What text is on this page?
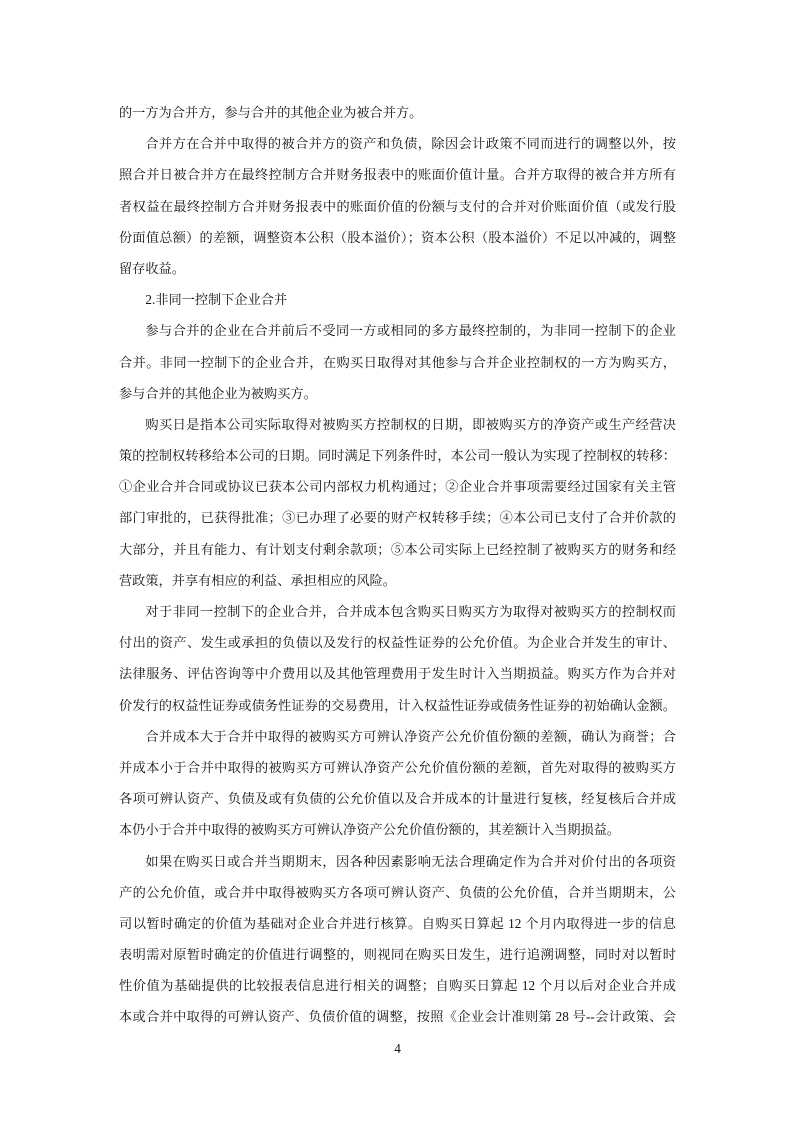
的一方为合并方，参与合并的其他企业为被合并方。
合并方在合并中取得的被合并方的资产和负债，除因会计政策不同而进行的调整以外，按
照合并日被合并方在最终控制方合并财务报表中的账面价值计量。合并方取得的被合并方所有
者权益在最终控制方合并财务报表中的账面价值的份额与支付的合并对价账面价值（或发行股
份面值总额）的差额，调整资本公积（股本溢价）；资本公积（股本溢价）不足以冲减的，调整
留存收益。
2.非同一控制下企业合并
参与合并的企业在合并前后不受同一方或相同的多方最终控制的，为非同一控制下的企业
合并。非同一控制下的企业合并，在购买日取得对其他参与合并企业控制权的一方为购买方，
参与合并的其他企业为被购买方。
购买日是指本公司实际取得对被购买方控制权的日期，即被购买方的净资产或生产经营决
策的控制权转移给本公司的日期。同时满足下列条件时，本公司一般认为实现了控制权的转移：
①企业合并合同或协议已获本公司内部权力机构通过；②企业合并事项需要经过国家有关主管
部门审批的，已获得批准；③已办理了必要的财产权转移手续；④本公司已支付了合并价款的
大部分，并且有能力、有计划支付剩余款项；⑤本公司实际上已经控制了被购买方的财务和经
营政策，并享有相应的利益、承担相应的风险。
对于非同一控制下的企业合并，合并成本包含购买日购买方为取得对被购买方的控制权而
付出的资产、发生或承担的负债以及发行的权益性证券的公允价值。为企业合并发生的审计、
法律服务、评估咨询等中介费用以及其他管理费用于发生时计入当期损益。购买方作为合并对
价发行的权益性证券或债务性证券的交易费用，计入权益性证券或债务性证券的初始确认金额。
合并成本大于合并中取得的被购买方可辨认净资产公允价值份额的差额，确认为商誉；合
并成本小于合并中取得的被购买方可辨认净资产公允价值份额的差额，首先对取得的被购买方
各项可辨认资产、负债及或有负债的公允价值以及合并成本的计量进行复核，经复核后合并成
本仍小于合并中取得的被购买方可辨认净资产公允价值份额的，其差额计入当期损益。
如果在购买日或合并当期期末，因各种因素影响无法合理确定作为合并对价付出的各项资
产的公允价值，或合并中取得被购买方各项可辨认资产、负债的公允价值，合并当期期末，公
司以暂时确定的价值为基础对企业合并进行核算。自购买日算起 12 个月内取得进一步的信息
表明需对原暂时确定的价值进行调整的，则视同在购买日发生，进行追溯调整，同时对以暂时
性价值为基础提供的比较报表信息进行相关的调整；自购买日算起 12 个月以后对企业合并成
本或合并中取得的可辨认资产、负债价值的调整，按照《企业会计准则第 28 号--会计政策、会
4
